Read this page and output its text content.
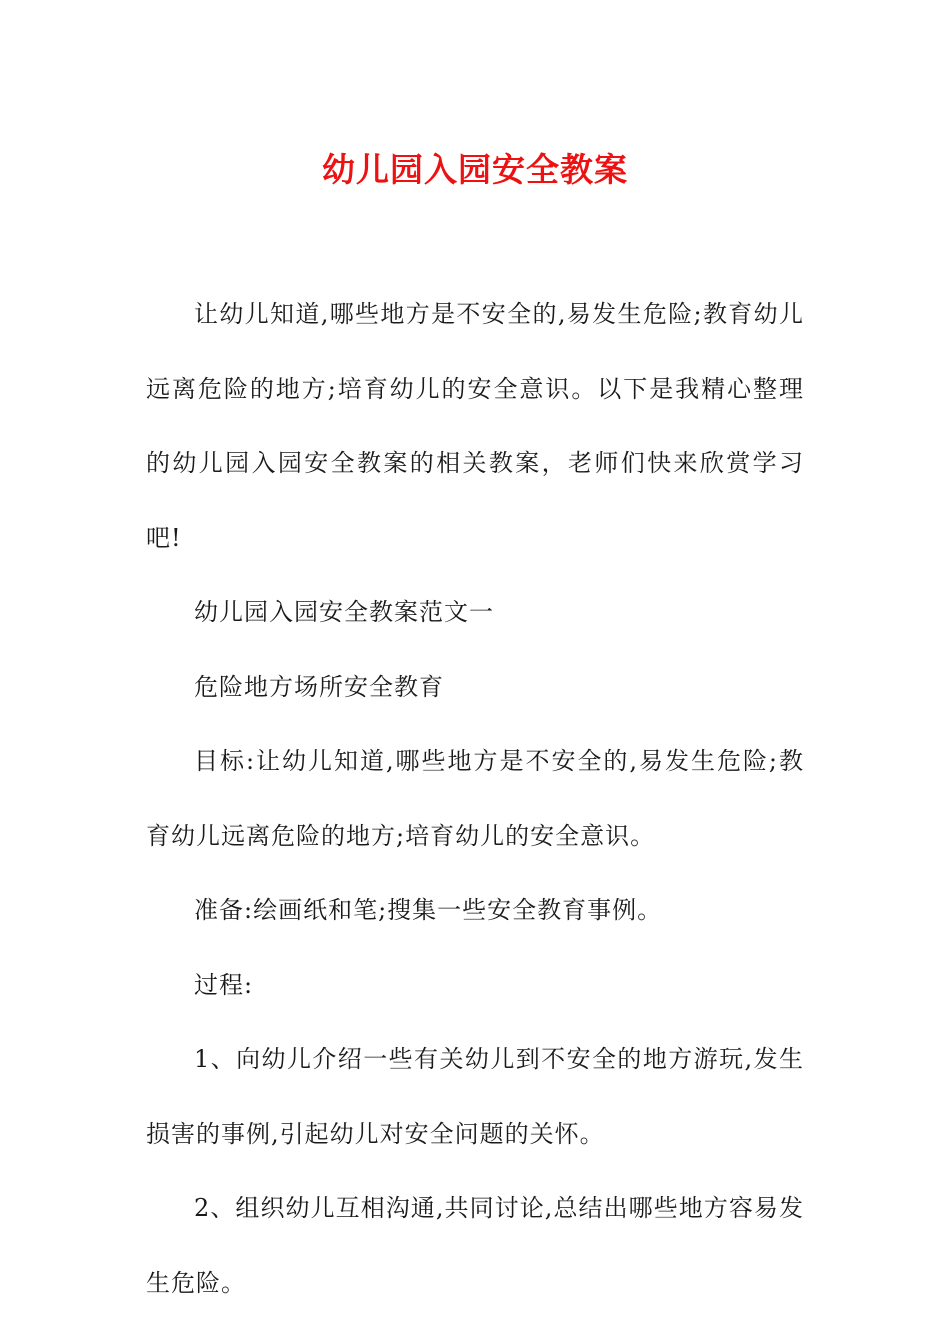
幼儿园入园安全教案

让幼儿知道,哪些地方是不安全的,易发生危险;教育幼儿远离危险的地方;培育幼儿的安全意识。以下是我精心整理的幼儿园入园安全教案的相关教案，老师们快来欣赏学习吧!

幼儿园入园安全教案范文一

危险地方场所安全教育

目标:让幼儿知道,哪些地方是不安全的,易发生危险;教育幼儿远离危险的地方;培育幼儿的安全意识。

准备:绘画纸和笔;搜集一些安全教育事例。

过程:

1、向幼儿介绍一些有关幼儿到不安全的地方游玩,发生损害的事例,引起幼儿对安全问题的关怀。

2、组织幼儿互相沟通,共同讨论,总结出哪些地方容易发生危险。
